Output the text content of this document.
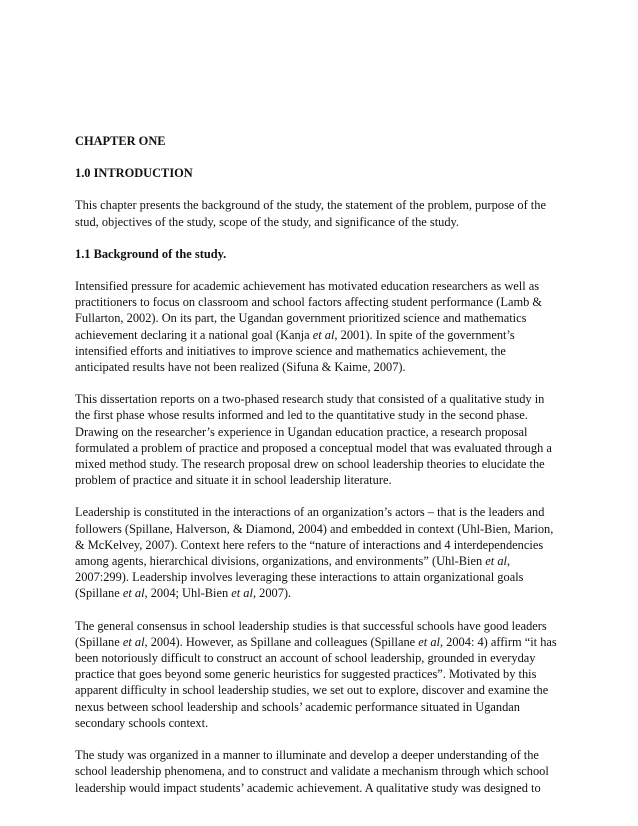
CHAPTER ONE
1.0 INTRODUCTION
This chapter presents the background of the study, the statement of the problem, purpose of the
stud, objectives of the study, scope of the study, and significance of the study.
1.1 Background of the study.
Intensified pressure for academic achievement has motivated education researchers as well as
practitioners to focus on classroom and school factors affecting student performance (Lamb &
Fullarton, 2002). On its part, the Ugandan government prioritized science and mathematics
achievement declaring it a national goal (Kanja et al, 2001). In spite of the government’s
intensified efforts and initiatives to improve science and mathematics achievement, the
anticipated results have not been realized (Sifuna & Kaime, 2007).
This dissertation reports on a two-phased research study that consisted of a qualitative study in
the first phase whose results informed and led to the quantitative study in the second phase.
Drawing on the researcher’s experience in Ugandan education practice, a research proposal
formulated a problem of practice and proposed a conceptual model that was evaluated through a
mixed method study. The research proposal drew on school leadership theories to elucidate the
problem of practice and situate it in school leadership literature.
Leadership is constituted in the interactions of an organization’s actors – that is the leaders and
followers (Spillane, Halverson, & Diamond, 2004) and embedded in context (Uhl-Bien, Marion,
& McKelvey, 2007). Context here refers to the “nature of interactions and 4 interdependencies
among agents, hierarchical divisions, organizations, and environments” (Uhl-Bien et al,
2007:299). Leadership involves leveraging these interactions to attain organizational goals
(Spillane et al, 2004; Uhl-Bien et al, 2007).
The general consensus in school leadership studies is that successful schools have good leaders
(Spillane et al, 2004). However, as Spillane and colleagues (Spillane et al, 2004: 4) affirm “it has
been notoriously difficult to construct an account of school leadership, grounded in everyday
practice that goes beyond some generic heuristics for suggested practices”. Motivated by this
apparent difficulty in school leadership studies, we set out to explore, discover and examine the
nexus between school leadership and schools’ academic performance situated in Ugandan
secondary schools context.
The study was organized in a manner to illuminate and develop a deeper understanding of the
school leadership phenomena, and to construct and validate a mechanism through which school
leadership would impact students’ academic achievement. A qualitative study was designed to
